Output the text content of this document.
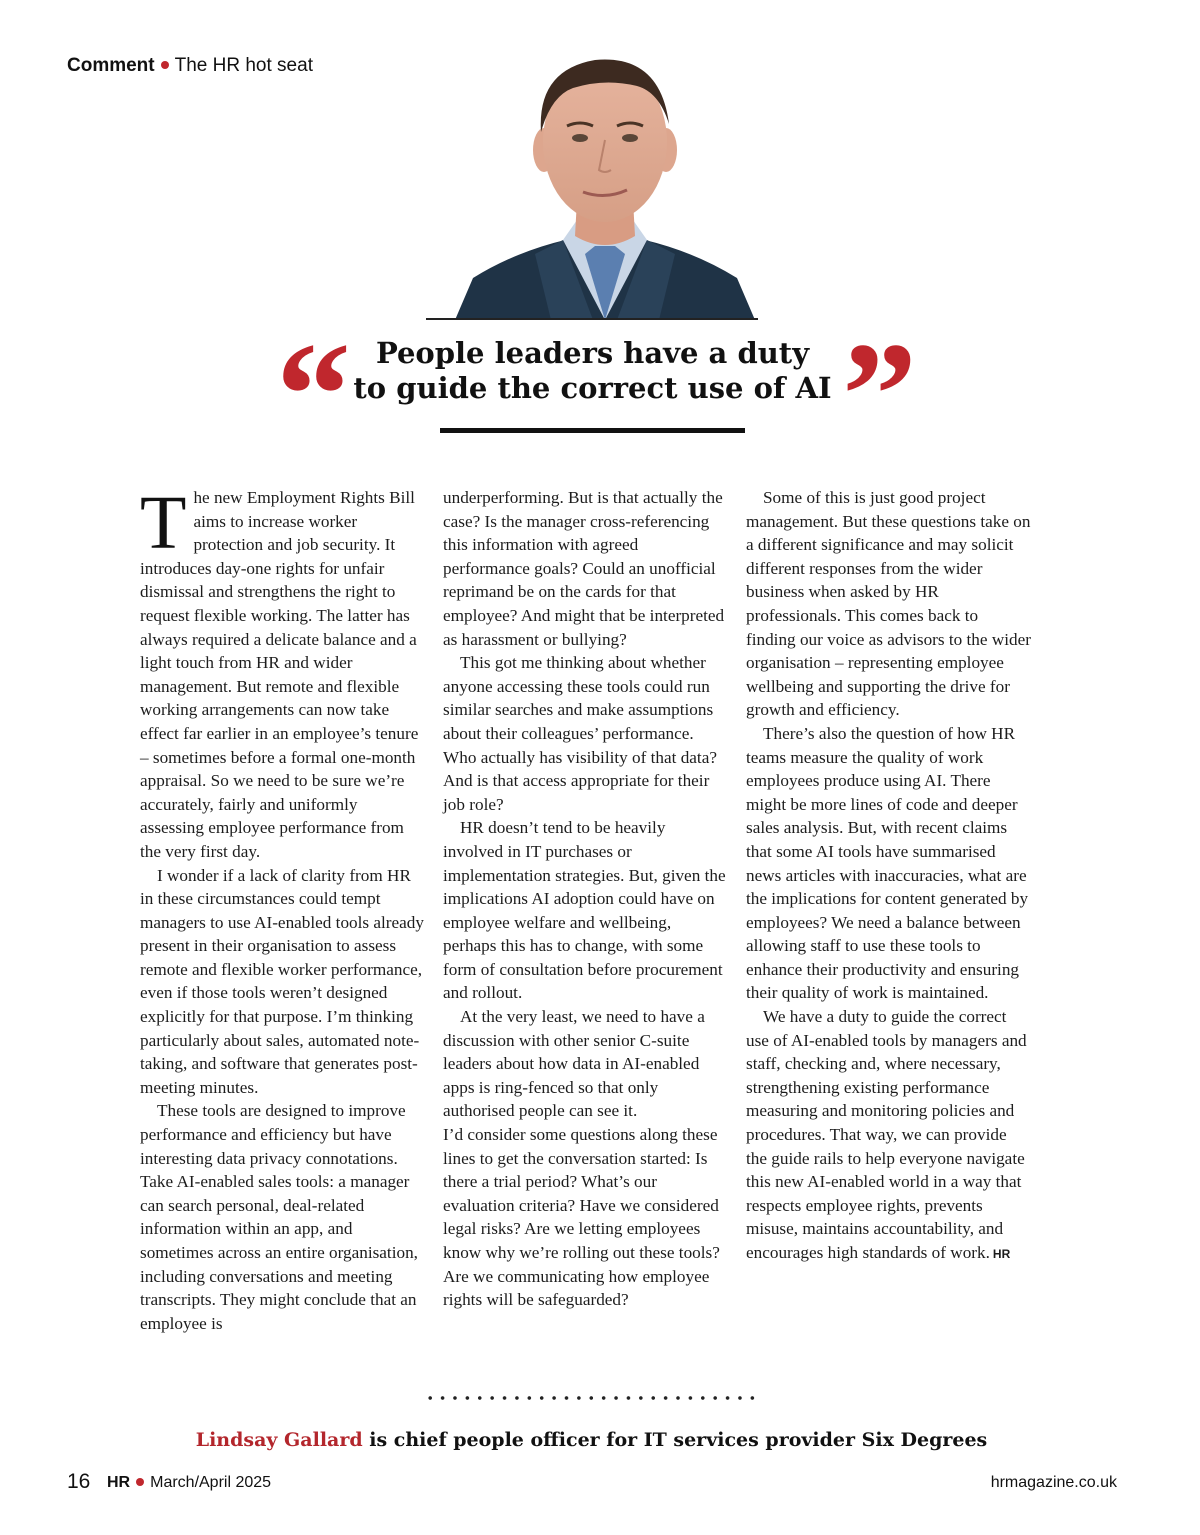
Comment The HR hot seat
“ People leaders have a duty
to guide the correct use of AI ”

The new Employment Rights Bill aims to increase worker protection and job security. It introduces day-one rights for unfair dismissal and strengthens the right to request flexible working. The latter has always required a delicate balance and a light touch from HR and wider management. But remote and flexible working arrangements can now take effect far earlier in an employee’s tenure – sometimes before a formal one-month appraisal. So we need to be sure we’re accurately, fairly and uniformly assessing employee performance from the very first day.

I wonder if a lack of clarity from HR in these circumstances could tempt managers to use AI-enabled tools already present in their organisation to assess remote and flexible worker performance, even if those tools weren’t designed explicitly for that purpose. I’m thinking particularly about sales, automated note-taking, and software that generates post-meeting minutes.

These tools are designed to improve performance and efficiency but have interesting data privacy connotations. Take AI-enabled sales tools: a manager can search personal, deal-related information within an app, and sometimes across an entire organisation, including conversations and meeting transcripts. They might conclude that an employee is

underperforming. But is that actually the case? Is the manager cross-referencing this information with agreed performance goals? Could an unofficial reprimand be on the cards for that employee? And might that be interpreted as harassment or bullying?

This got me thinking about whether anyone accessing these tools could run similar searches and make assumptions about their colleagues’ performance. Who actually has visibility of that data? And is that access appropriate for their job role?

HR doesn’t tend to be heavily involved in IT purchases or implementation strategies. But, given the implications AI adoption could have on employee welfare and wellbeing, perhaps this has to change, with some form of consultation before procurement and rollout.

At the very least, we need to have a discussion with other senior C-suite leaders about how data in AI-enabled apps is ring-fenced so that only authorised people can see it.

I’d consider some questions along these lines to get the conversation started: Is there a trial period? What’s our evaluation criteria? Have we considered legal risks? Are we letting employees know why we’re rolling out these tools? Are we communicating how employee rights will be safeguarded?

Some of this is just good project management. But these questions take on a different significance and may solicit different responses from the wider business when asked by HR professionals. This comes back to finding our voice as advisors to the wider organisation – representing employee wellbeing and supporting the drive for growth and efficiency.

There’s also the question of how HR teams measure the quality of work employees produce using AI. There might be more lines of code and deeper sales analysis. But, with recent claims that some AI tools have summarised news articles with inaccuracies, what are the implications for content generated by employees? We need a balance between allowing staff to use these tools to enhance their productivity and ensuring their quality of work is maintained.

We have a duty to guide the correct use of AI-enabled tools by managers and staff, checking and, where necessary, strengthening existing performance measuring and monitoring policies and procedures. That way, we can provide the guide rails to help everyone navigate this new AI-enabled world in a way that respects employee rights, prevents misuse, maintains accountability, and encourages high standards of work. HR

Lindsay Gallard is chief people officer for IT services provider Six Degrees
16 HR March/April 2025	hrmagazine.co.uk
